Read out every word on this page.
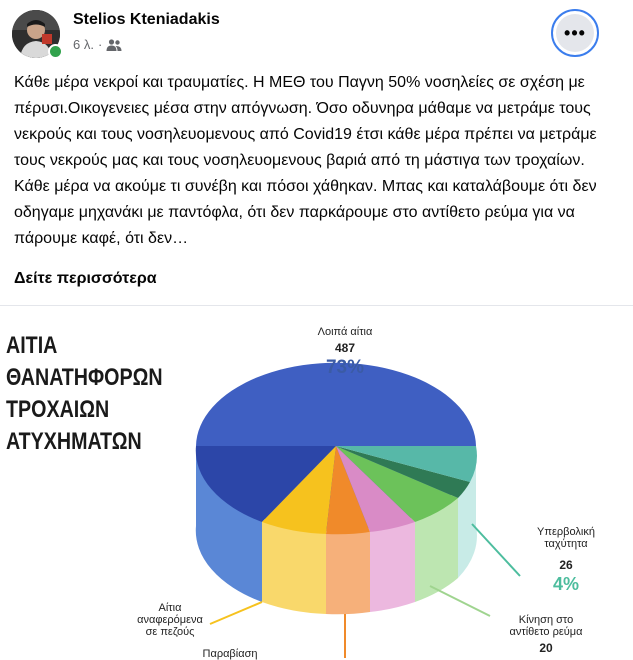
Stelios Kteniadakis
6 λ. ·
•••
Κάθε μέρα νεκροί και τραυματίες. Η ΜΕΘ του Παγνη 50% νοσηλείες σε σχέση με πέρυσι.Οικογενειες μέσα στην απόγνωση. Όσο οδυνηρα μάθαμε να μετράμε τους νεκρούς και τους νοσηλευομενους από Covid19 έτσι κάθε μέρα πρέπει να μετράμε τους νεκρούς μας και τους νοσηλευομενους βαριά από τη μάστιγα των τροχαίων. Κάθε μέρα να ακούμε τι συνέβη και πόσοι χάθηκαν. Μπας και καταλάβουμε ότι δεν οδηγαμε μηχανάκι με παντόφλα, ότι δεν παρκάρουμε στο αντίθετο ρεύμα για να πάρουμε καφέ, ότι δεν…
Δείτε περισσότερα
ΑΙΤΙΑ
ΘΑΝΑΤΗΦΟΡΩΝ
ΤΡΟΧΑΙΩΝ
ΑΤΥΧΗΜΑΤΩΝ
Λοιπά αίτια
487
73%
Υπερβολική
ταχύτητα
26
4%
Κίνηση στο
αντίθετο ρεύμα
20
Αίτια
αναφερόμενα
σε πεζούς
Παραβίαση
